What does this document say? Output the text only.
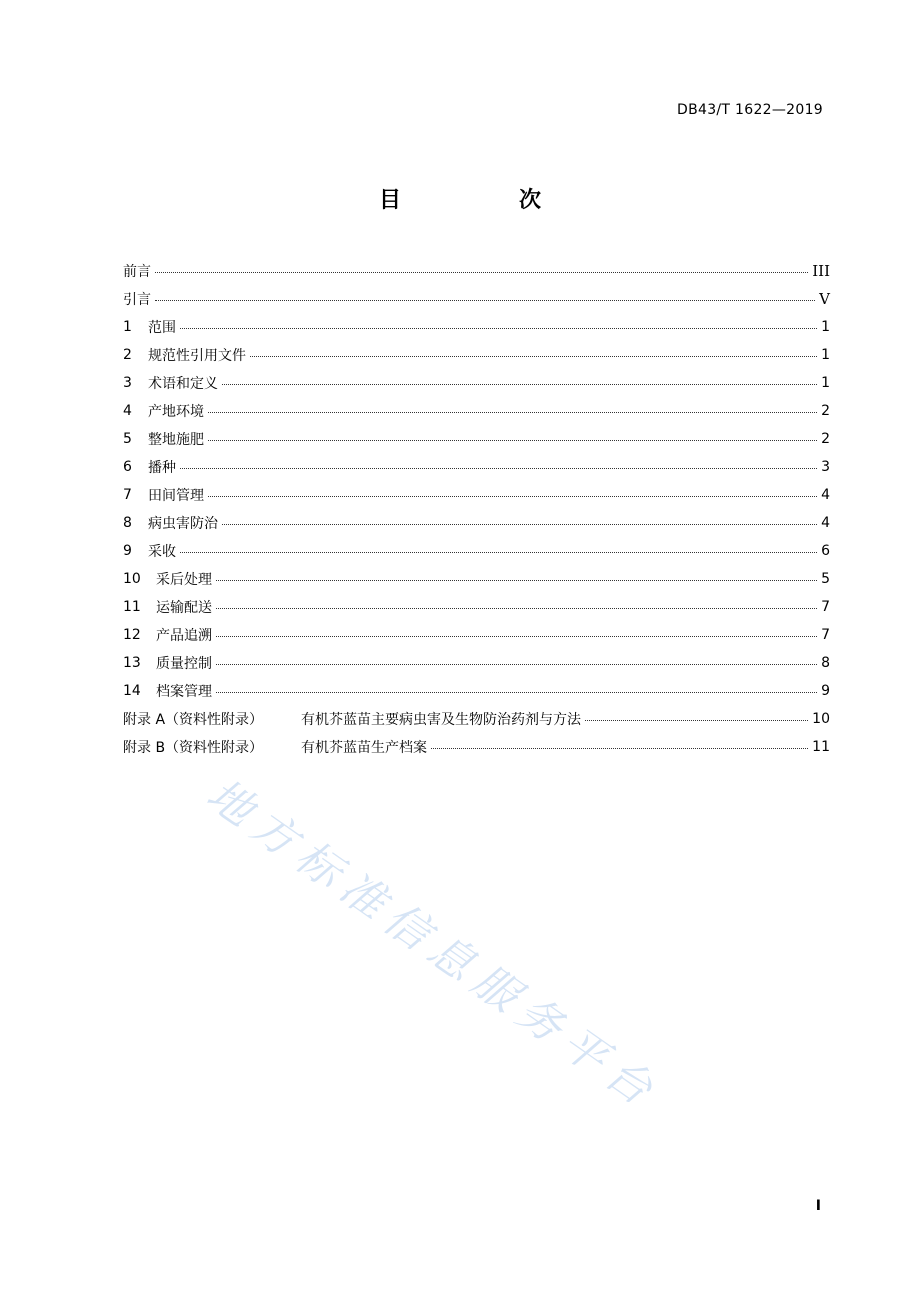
DB43/T 1622—2019
目　次
前言	III
引言	V
1	范围	1
2	规范性引用文件	1
3	术语和定义	1
4	产地环境	2
5	整地施肥	2
6	播种	3
7	田间管理	4
8	病虫害防治	4
9	采收	6
10	采后处理	5
11	运输配送	7
12	产品追溯	7
13	质量控制	8
14	档案管理	9
附录 A（资料性附录）	有机芥蓝苗主要病虫害及生物防治药剂与方法	10
附录 B（资料性附录）	有机芥蓝苗生产档案	11
地方标准信息服务平台
I
